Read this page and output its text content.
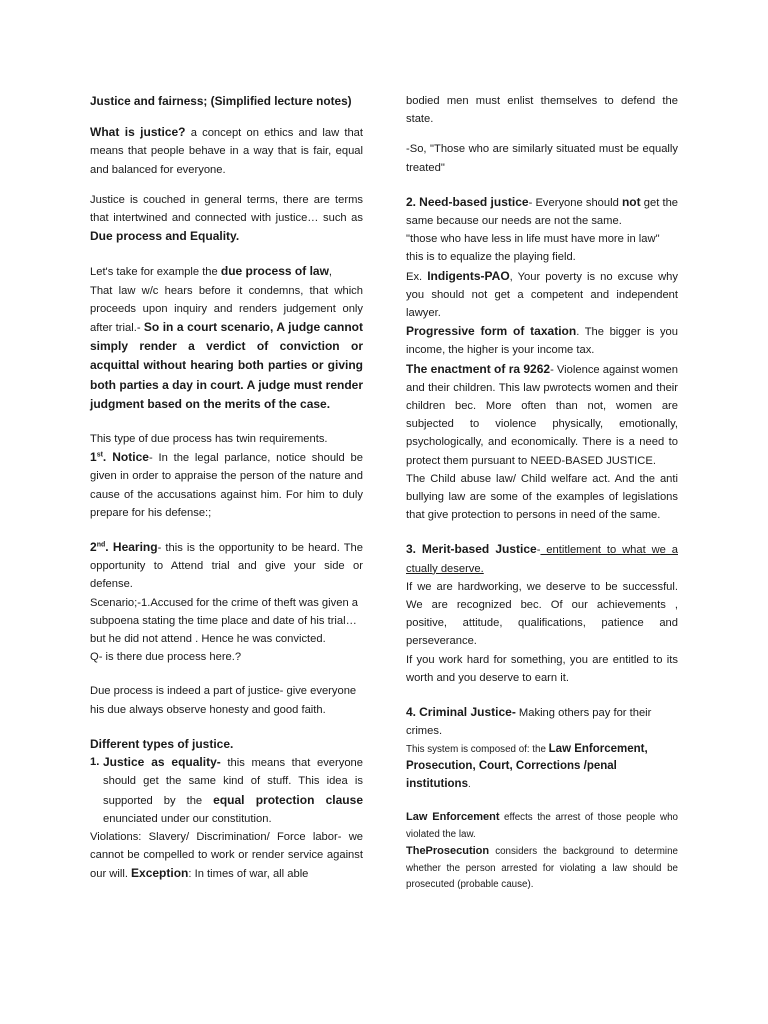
Justice and fairness; (Simplified lecture notes)

What is justice? a concept on ethics and law that means that people behave in a way that is fair, equal and balanced for everyone.

Justice is couched in general terms, there are terms that intertwined and connected with justice… such as Due process and Equality.

Let's take for example the due process of law,

That law w/c hears before it condemns, that which proceeds upon inquiry and renders judgement only after trial.- So in a court scenario, A judge cannot simply render a verdict of conviction or acquittal without hearing both parties or giving both parties a day in court. A judge must render judgment based on the merits of the case.

This type of due process has twin requirements.

1st. Notice- In the legal parlance, notice should be given in order to appraise the person of the nature and cause of the accusations against him. For him to duly prepare for his defense:;

2nd. Hearing- this is the opportunity to be heard. The opportunity to Attend trial and give your side or defense.

Scenario;-1.Accused for the crime of theft was given a subpoena stating the time place and date of his trial…but he did not attend . Hence he was convicted.

Q- is there due process here.?

Due process is indeed a part of justice- give everyone his due always observe honesty and good faith.

Different types of justice.

1. Justice as equality- this means that everyone should get the same kind of stuff. This idea is supported by the equal protection clause enunciated under our constitution.

Violations: Slavery/ Discrimination/ Force labor- we cannot be compelled to work or render service against our will. Exception: In times of war, all able

bodied men must enlist themselves to defend the state.

-So, "Those who are similarly situated must be equally treated"

2. Need-based justice- Everyone should not get the same because our needs are not the same.

"those who have less in life must have more in law" this is to equalize the playing field.

Ex. Indigents-PAO, Your poverty is no excuse why you should not get a competent and independent lawyer.

Progressive form of taxation. The bigger is you income, the higher is your income tax.

The enactment of ra 9262- Violence against women and their children. This law pwrotects women and their children bec. More often than not, women are subjected to violence physically, emotionally, psychologically, and economically. There is a need to protect them pursuant to NEED-BASED JUSTICE.

The Child abuse law/ Child welfare act. And the anti bullying law are some of the examples of legislations that give protection to persons in need of the same.

3. Merit-based Justice- entitlement to what we a ctually deserve.

If we are hardworking, we deserve to be successful. We are recognized bec. Of our achievements , positive, attitude, qualifications, patience and perseverance.

If you work hard for something, you are entitled to its worth and you deserve to earn it.

4. Criminal Justice- Making others pay for their crimes.

This system is composed of: the Law Enforcement, Prosecution, Court, Corrections /penal institutions.

Law Enforcement effects the arrest of those people who violated the law.

TheProsecution considers the background to determine whether the person arrested for violating a law should be prosecuted (probable cause).
